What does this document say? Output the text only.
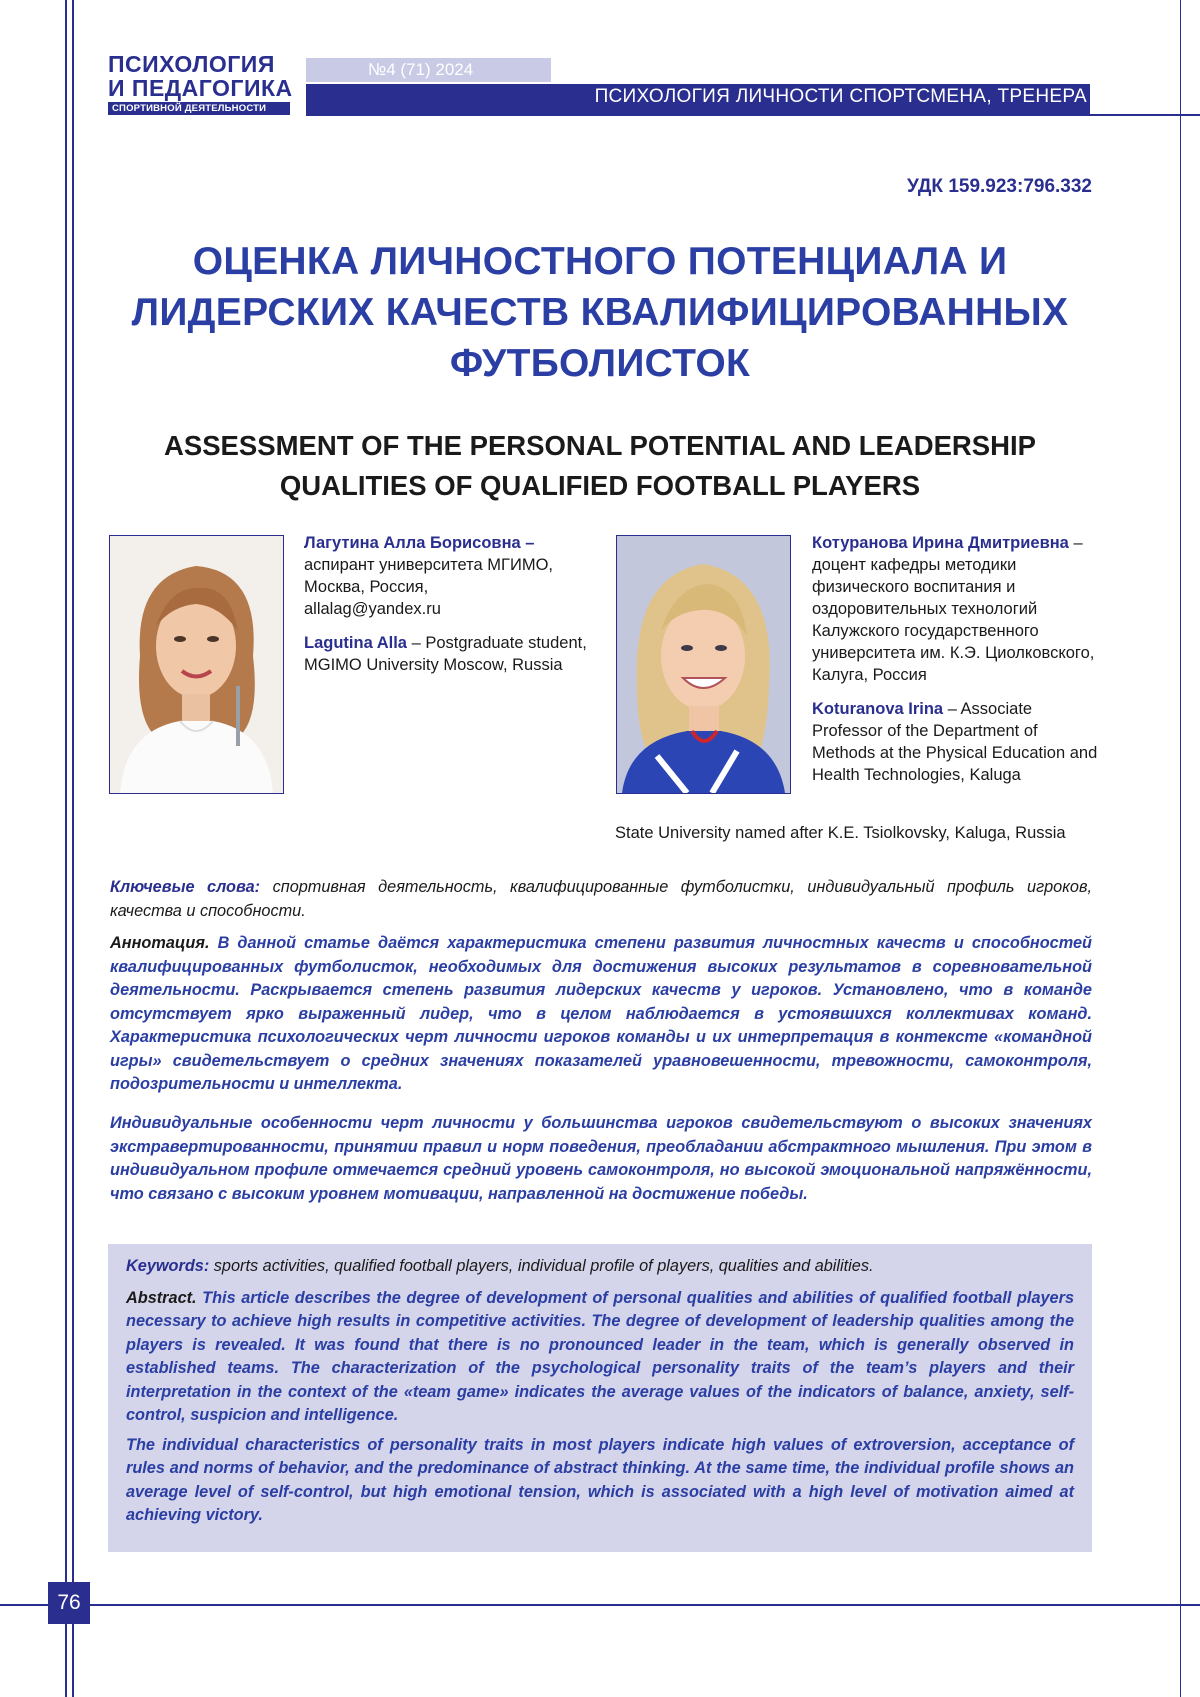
ПСИХОЛОГИЯ
И ПЕДАГОГИКА
СПОРТИВНОЙ ДЕЯТЕЛЬНОСТИ
№4 (71) 2024
ПСИХОЛОГИЯ ЛИЧНОСТИ СПОРТСМЕНА, ТРЕНЕРА
УДК 159.923:796.332
ОЦЕНКА ЛИЧНОСТНОГО ПОТЕНЦИАЛА И ЛИДЕРСКИХ КАЧЕСТВ КВАЛИФИЦИРОВАННЫХ ФУТБОЛИСТОК
ASSESSMENT OF THE PERSONAL POTENTIAL AND LEADERSHIP QUALITIES OF QUALIFIED FOOTBALL PLAYERS
Лагутина Алла Борисовна –
аспирант университета МГИМО, Москва, Россия,
allalag@yandex.ru
Lagutina Alla – Postgraduate student, MGIMO University Moscow, Russia
Котуранова Ирина Дмитриевна – доцент кафедры методики физического воспитания и оздоровительных технологий Калужского государственного университета им. К.Э. Циолковского, Калуга, Россия
Koturanova Irina – Associate Professor of the Department of Methods at the Physical Education and Health Technologies, Kaluga
State University named after K.E. Tsiolkovsky, Kaluga, Russia
Ключевые слова: спортивная деятельность, квалифицированные футболистки, индивидуальный профиль игроков, качества и способности.
Аннотация. В данной статье даётся характеристика степени развития личностных качеств и способностей квалифицированных футболисток, необходимых для достижения высоких результатов в соревновательной деятельности. Раскрывается степень развития лидерских качеств у игроков. Установлено, что в команде отсутствует ярко выраженный лидер, что в целом наблюдается в устоявшихся коллективах команд. Характеристика психологических черт личности игроков команды и их интерпретация в контексте «командной игры» свидетельствует о средних значениях показателей уравновешенности, тревожности, самоконтроля, подозрительности и интеллекта.
Индивидуальные особенности черт личности у большинства игроков свидетельствуют о высоких значениях экстравертированности, принятии правил и норм поведения, преобладании абстрактного мышления. При этом в индивидуальном профиле отмечается средний уровень самоконтроля, но высокой эмоциональной напряжённости, что связано с высоким уровнем мотивации, направленной на достижение победы.
Keywords: sports activities, qualified football players, individual profile of players, qualities and abilities.
Abstract. This article describes the degree of development of personal qualities and abilities of qualified football players necessary to achieve high results in competitive activities. The degree of development of leadership qualities among the players is revealed. It was found that there is no pronounced leader in the team, which is generally observed in established teams. The characterization of the psychological personality traits of the team’s players and their interpretation in the context of the «team game» indicates the average values of the indicators of balance, anxiety, self-control, suspicion and intelligence.
The individual characteristics of personality traits in most players indicate high values of extroversion, acceptance of rules and norms of behavior, and the predominance of abstract thinking. At the same time, the individual profile shows an average level of self-control, but high emotional tension, which is associated with a high level of motivation aimed at achieving victory.
76
